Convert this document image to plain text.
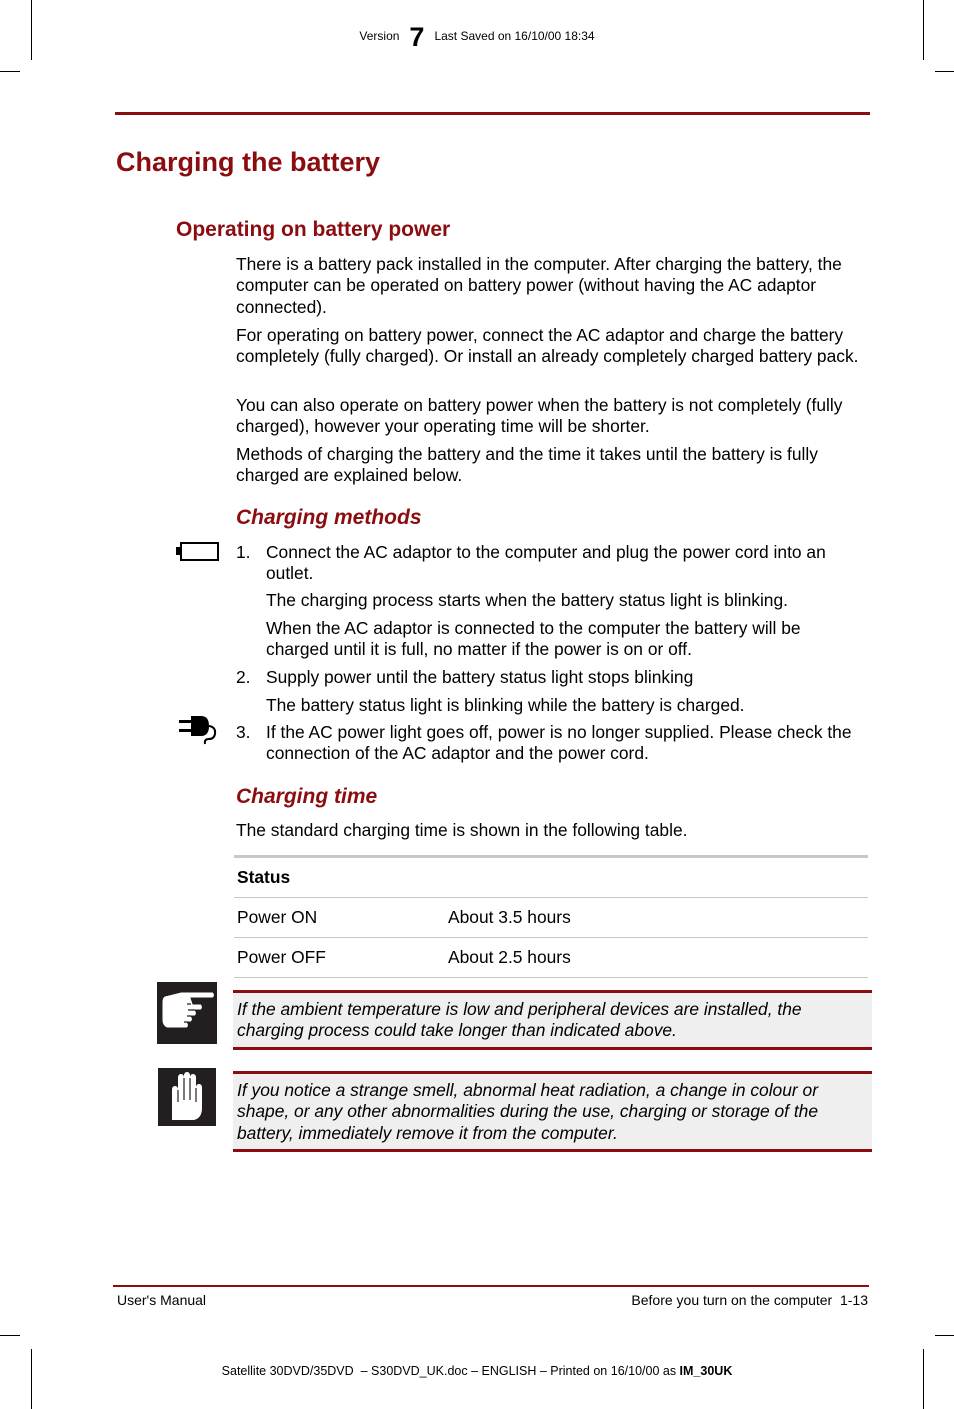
Version 7 Last Saved on 16/10/00 18:34
Charging the battery
Operating on battery power

There is a battery pack installed in the computer. After charging the battery, the computer can be operated on battery power (without having the AC adaptor connected).

For operating on battery power, connect the AC adaptor and charge the battery completely (fully charged). Or install an already completely charged battery pack.

You can also operate on battery power when the battery is not completely (fully charged), however your operating time will be shorter.

Methods of charging the battery and the time it takes until the battery is fully charged are explained below.

Charging methods
1. Connect the AC adaptor to the computer and plug the power cord into an outlet.
The charging process starts when the battery status light is blinking.
When the AC adaptor is connected to the computer the battery will be charged until it is full, no matter if the power is on or off.
2. Supply power until the battery status light stops blinking
The battery status light is blinking while the battery is charged.
3. If the AC power light goes off, power is no longer supplied. Please check the connection of the AC adaptor and the power cord.
Charging time

The standard charging time is shown in the following table.

Status	
Power ON	About 3.5 hours
Power OFF	About 2.5 hours
If the ambient temperature is low and peripheral devices are installed, the charging process could take longer than indicated above.
If you notice a strange smell, abnormal heat radiation, a change in colour or shape, or any other abnormalities during the use, charging or storage of the battery, immediately remove it from the computer.
User's Manual	Before you turn on the computer  1-13
Satellite 30DVD/35DVD  – S30DVD_UK.doc – ENGLISH – Printed on 16/10/00 as IM_30UK
